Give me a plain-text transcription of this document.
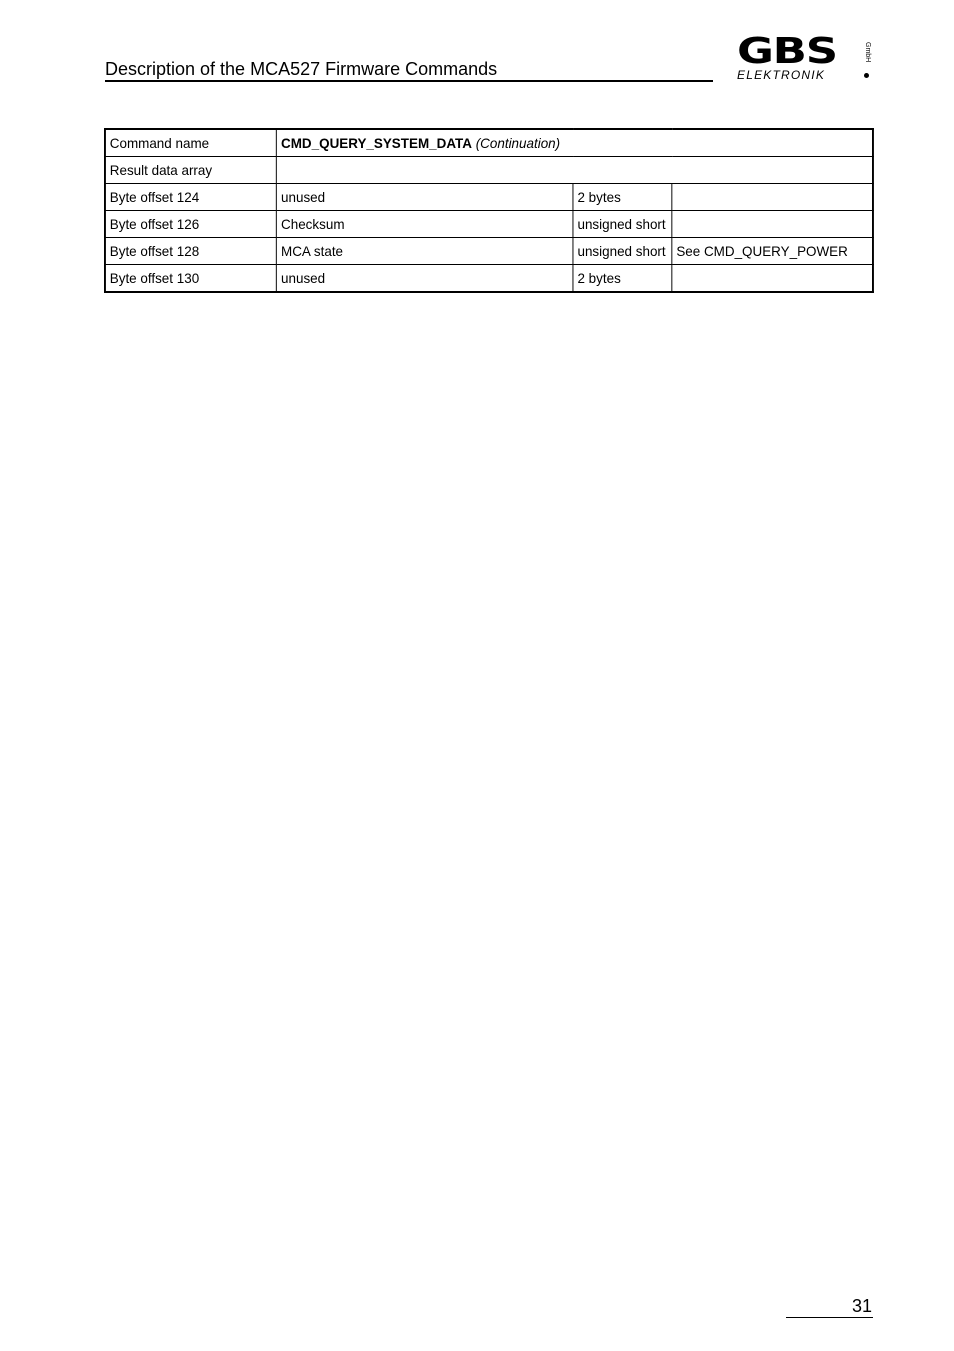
Description of the MCA527 Firmware Commands	GBS
ELEKTRONIK
GmbH
Command name	CMD_QUERY_SYSTEM_DATA (Continuation)		
Result data array			
Byte offset 124	unused	2 bytes	
Byte offset 126	Checksum	unsigned short	
Byte offset 128	MCA state	unsigned short	See CMD_QUERY_POWER
Byte offset 130	unused	2 bytes	
31
